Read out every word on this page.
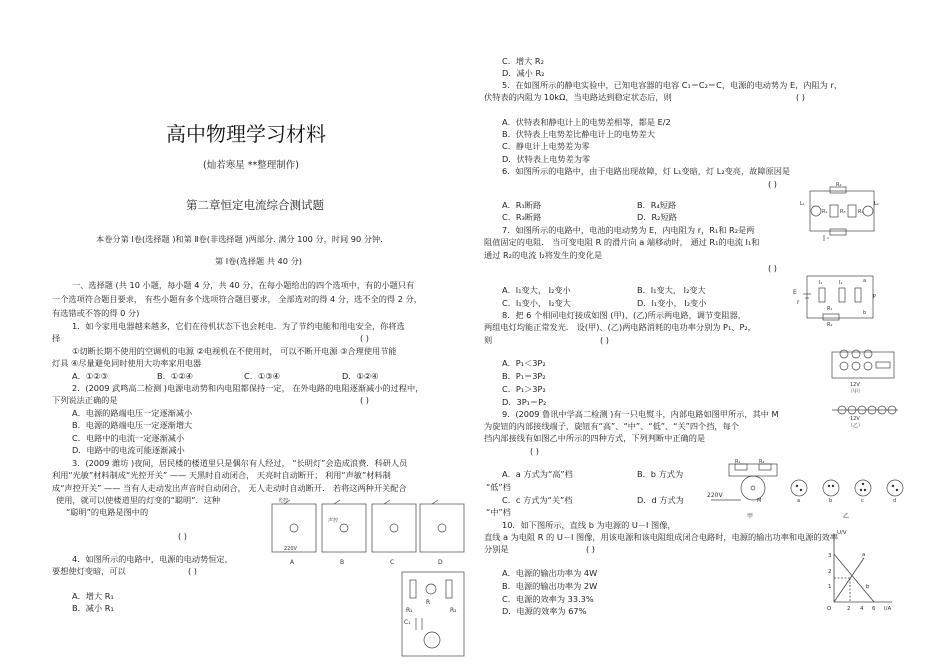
高中物理学习材料
(灿若寒星 **整理制作)
第二章恒定电流综合测试题
本卷分第 Ⅰ卷(选择题 )和第 Ⅱ卷(非选择题 )两部分. 满分 100 分，时间 90 分钟.
第 Ⅰ卷(选择题 共 40 分)
一、选择题 (共 10 小题，每小题 4 分，共 40 分，在每小题给出的四个选项中，有的小题只有
一个选项符合题目要求， 有些小题有多个选项符合题目要求， 全部选对的得 4 分，选不全的得 2 分，
有选错或不答的得 0 分)
1．如今家用电器越来越多，它们在待机状态下也会耗电．为了节约电能和用电安全，你将选
择	( )
①切断长期不使用的空调机的电源 ②电视机在不使用时， 可以不断开电源 ③合理使用节能
灯具 ④尽量避免同时使用大功率家用电器
A．①②③	B．①②④	C．①③④	D．①②④
2．(2009 武鸣高二检测 )电源电动势和内电阻都保持一定， 在外电路的电阻逐渐减小的过程中，
下列说法正确的是	( )
A．电源的路端电压一定逐渐减小
B．电源的路端电压一定逐渐增大
C．电路中的电流一定逐渐减小
D．电路中的电流可能逐渐减小
3．(2009 潍坊 )夜间，居民楼的楼道里只是偶尔有人经过， “长明灯”会造成浪费．科研人员
利用“光敏”材料制成“光控开关” —— 天黑时自动闭合， 天亮时自动断开； 利用“声敏”材料制
成“声控开关” —— 当有人走动发出声音时自动闭合， 无人走动时自动断开． 若将这两种开关配合
使用，就可以使楼道里的灯变的“聪明”．这种
“聪明”的电路是图中的
( )
4．如图所示的电路中，电源的电动势恒定，
要想使灯变暗，可以	( )
A．增大 R₁
B．减小 R₁
光控
声控
220V
A	B	C	D
R₁
R
R₂
C₁
C．增大 R₂
D．减小 R₂
5．在如图所示的静电实验中，已知电容器的电容 C₁＝C₂＝C，电源的电动势为 E，内阻为 r，
伏特表的内阻为 10kΩ，当电路达到稳定状态后，则	( )
A．伏特表和静电计上的电势差相等，都是 E/2
B．伏特表上电势差比静电计上的电势差大
C．静电计上电势差为零
D．伏特表上电势差为零
6．如图所示的电路中，由于电路出现故障，灯 L₁变暗，灯 L₂变亮，故障原因是
( )
A．R₁断路	B．R₄短路
C．R₃断路	D．R₂短路
L₁	L₂
R₂
R₁	R₃	R₄
7．如图所示的电路中，电池的电动势为 E，内电阻为 r，R₁和 R₂是两
阻值固定的电阻． 当可变电阻 R 的滑片向 a 端移动时， 通过 R₁的电流 I₁和
通过 R₂的电流 I₂将发生的变化是
( )
A．I₁变大， I₂变小	B．I₁变大， I₂变大
C．I₁变小， I₂变大	D．I₁变小， I₂变小
E
r
I₁	I₂	a
P
b
R₁
R₂
8．把 6 个相同电灯接成如图 (甲)、(乙)所示两电路，调节变阻器，
两组电灯均能正常发光． 设(甲)、(乙)两电路消耗的电功率分别为 P₁、P₂，
则	( )
A．P₁＜3P₂
B．P₁＝3P₂
C．P₁＞3P₂
D．3P₁＝P₂
12V
（甲）
12V
（乙）
9．(2009 鲁讯中学高二检测 )有一只电熨斗，内部电路如图甲所示，其中 M
为旋钮的内部接线端子，旋钮有“高”、“中”、“低”、“关”四个挡，每个
挡内部接线有如图乙中所示的四种方式，下列判断中正确的是
( )
A．a 方式为“高”档	B．b 方式为
“低”档
C．c 方式为“关”档	D．d 方式为
“中”档
R₁	R₂
220V
M
甲
a	b	c	d
乙
10．如下图所示，直线 b 为电源的 U－I 图像，
直线 a 为电阻 R 的 U－I 图像，用该电源和该电阻组成闭合电路时，电源的输出功率和电源的效率
分别是	( )
A．电源的输出功率为 4W
B．电源的输出功率为 2W
C．电源的效率为 33.3%
D．电源的效率为 67%
U/V
I/A
O	2 4 6
1
2
3	a
b
